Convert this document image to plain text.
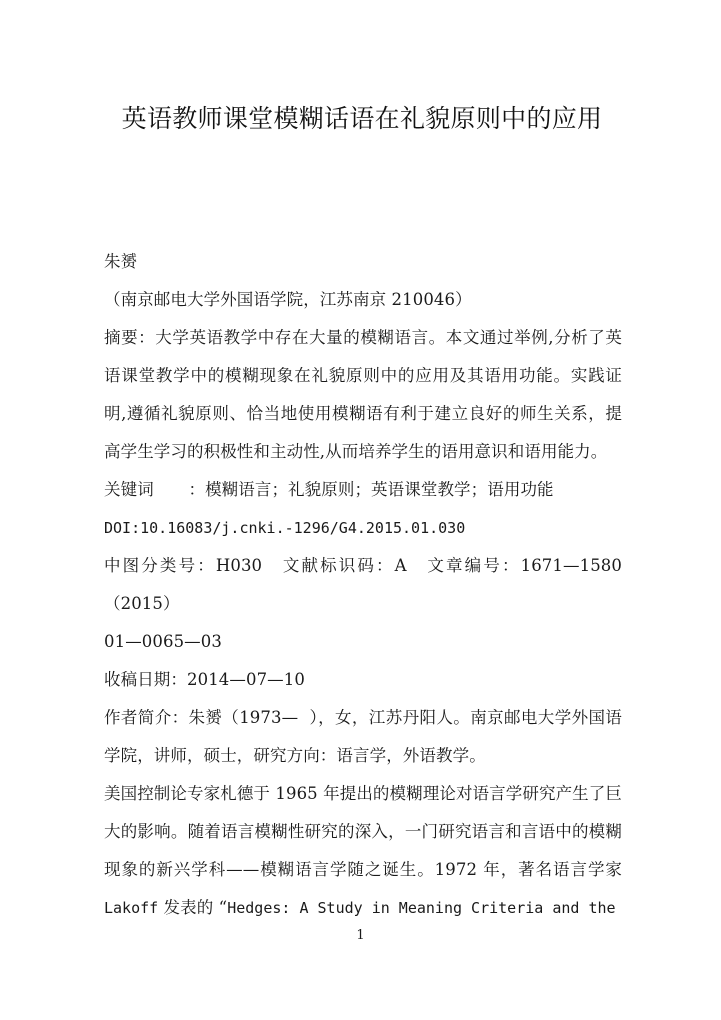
英语教师课堂模糊话语在礼貌原则中的应用
朱赟
（南京邮电大学外国语学院，江苏南京 210046）

摘要：大学英语教学中存在大量的模糊语言。本文通过举例,分析了英语课堂教学中的模糊现象在礼貌原则中的应用及其语用功能。实践证明,遵循礼貌原则、恰当地使用模糊语有利于建立良好的师生关系，提高学生学习的积极性和主动性,从而培养学生的语用意识和语用能力。

关键词 ：模糊语言；礼貌原则；英语课堂教学；语用功能
DOI:10.16083/j.cnki.-1296/G4.2015.01.030
中图分类号：H030　文献标识码：A　文章编号：1671—1580（2015）
01—0065—03
收稿日期：2014—07—10

作者简介：朱赟（1973—  ），女，江苏丹阳人。南京邮电大学外国语学院，讲师，硕士，研究方向：语言学，外语教学。

美国控制论专家札德于 1965 年提出的模糊理论对语言学研究产生了巨大的影响。随着语言模糊性研究的深入，一门研究语言和言语中的模糊现象的新兴学科——模糊语言学随之诞生。1972 年，著名语言学家 Lakoff 发表的 “Hedges: A Study in Meaning Criteria and the

1
